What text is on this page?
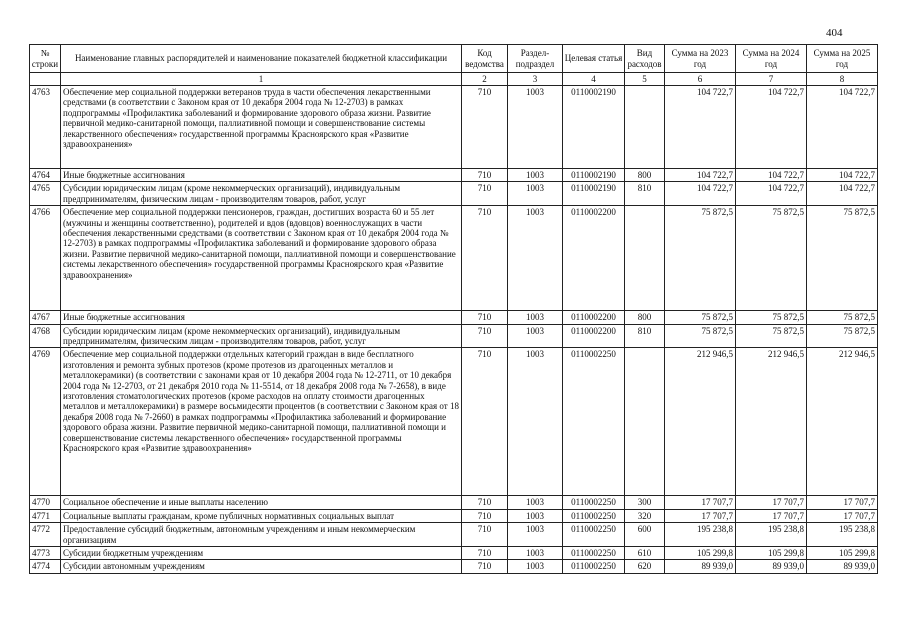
404
№ строки	Наименование главных распорядителей и наименование показателей бюджетной классификации	Код ведомства	Раздел-подраздел	Целевая статья	Вид расходов	Сумма на 2023 год	Сумма на 2024 год	Сумма на 2025 год
	1	2	3	4	5	6	7	8
4763	Обеспечение мер социальной поддержки ветеранов труда в части обеспечения лекарственными средствами (в соответствии с Законом края от 10 декабря 2004 года № 12-2703) в рамках подпрограммы «Профилактика заболеваний и формирование здорового образа жизни. Развитие первичной медико-санитарной помощи, паллиативной помощи и совершенствование системы лекарственного обеспечения» государственной программы Красноярского края «Развитие здравоохранения»	710	1003	0110002190		104 722,7	104 722,7	104 722,7
4764	Иные бюджетные ассигнования	710	1003	0110002190	800	104 722,7	104 722,7	104 722,7
4765	Субсидии юридическим лицам (кроме некоммерческих организаций), индивидуальным предпринимателям, физическим лицам - производителям товаров, работ, услуг	710	1003	0110002190	810	104 722,7	104 722,7	104 722,7
4766	Обеспечение мер социальной поддержки пенсионеров, граждан, достигших возраста 60 и 55 лет (мужчины и женщины соответственно), родителей и вдов (вдовцов) военнослужащих в части обеспечения лекарственными средствами (в соответствии с Законом края от 10 декабря 2004 года № 12-2703) в рамках подпрограммы «Профилактика заболеваний и формирование здорового образа жизни. Развитие первичной медико-санитарной помощи, паллиативной помощи и совершенствование системы лекарственного обеспечения» государственной программы Красноярского края «Развитие здравоохранения»	710	1003	0110002200		75 872,5	75 872,5	75 872,5
4767	Иные бюджетные ассигнования	710	1003	0110002200	800	75 872,5	75 872,5	75 872,5
4768	Субсидии юридическим лицам (кроме некоммерческих организаций), индивидуальным предпринимателям, физическим лицам - производителям товаров, работ, услуг	710	1003	0110002200	810	75 872,5	75 872,5	75 872,5
4769	Обеспечение мер социальной поддержки отдельных категорий граждан в виде бесплатного изготовления и ремонта зубных протезов (кроме протезов из драгоценных металлов и металлокерамики) (в соответствии с законами края от 10 декабря 2004 года № 12-2711, от 10 декабря 2004 года № 12-2703, от 21 декабря 2010 года № 11-5514, от 18 декабря 2008 года № 7-2658), в виде изготовления стоматологических протезов (кроме расходов на оплату стоимости драгоценных металлов и металлокерамики) в размере восьмидесяти процентов (в соответствии с Законом края от 18 декабря 2008 года № 7-2660) в рамках подпрограммы «Профилактика заболеваний и формирование здорового образа жизни. Развитие первичной медико-санитарной помощи, паллиативной помощи и совершенствование системы лекарственного обеспечения» государственной программы Красноярского края «Развитие здравоохранения»	710	1003	0110002250		212 946,5	212 946,5	212 946,5
4770	Социальное обеспечение и иные выплаты населению	710	1003	0110002250	300	17 707,7	17 707,7	17 707,7
4771	Социальные выплаты гражданам, кроме публичных нормативных социальных выплат	710	1003	0110002250	320	17 707,7	17 707,7	17 707,7
4772	Предоставление субсидий бюджетным, автономным учреждениям и иным некоммерческим организациям	710	1003	0110002250	600	195 238,8	195 238,8	195 238,8
4773	Субсидии бюджетным учреждениям	710	1003	0110002250	610	105 299,8	105 299,8	105 299,8
4774	Субсидии автономным учреждениям	710	1003	0110002250	620	89 939,0	89 939,0	89 939,0
